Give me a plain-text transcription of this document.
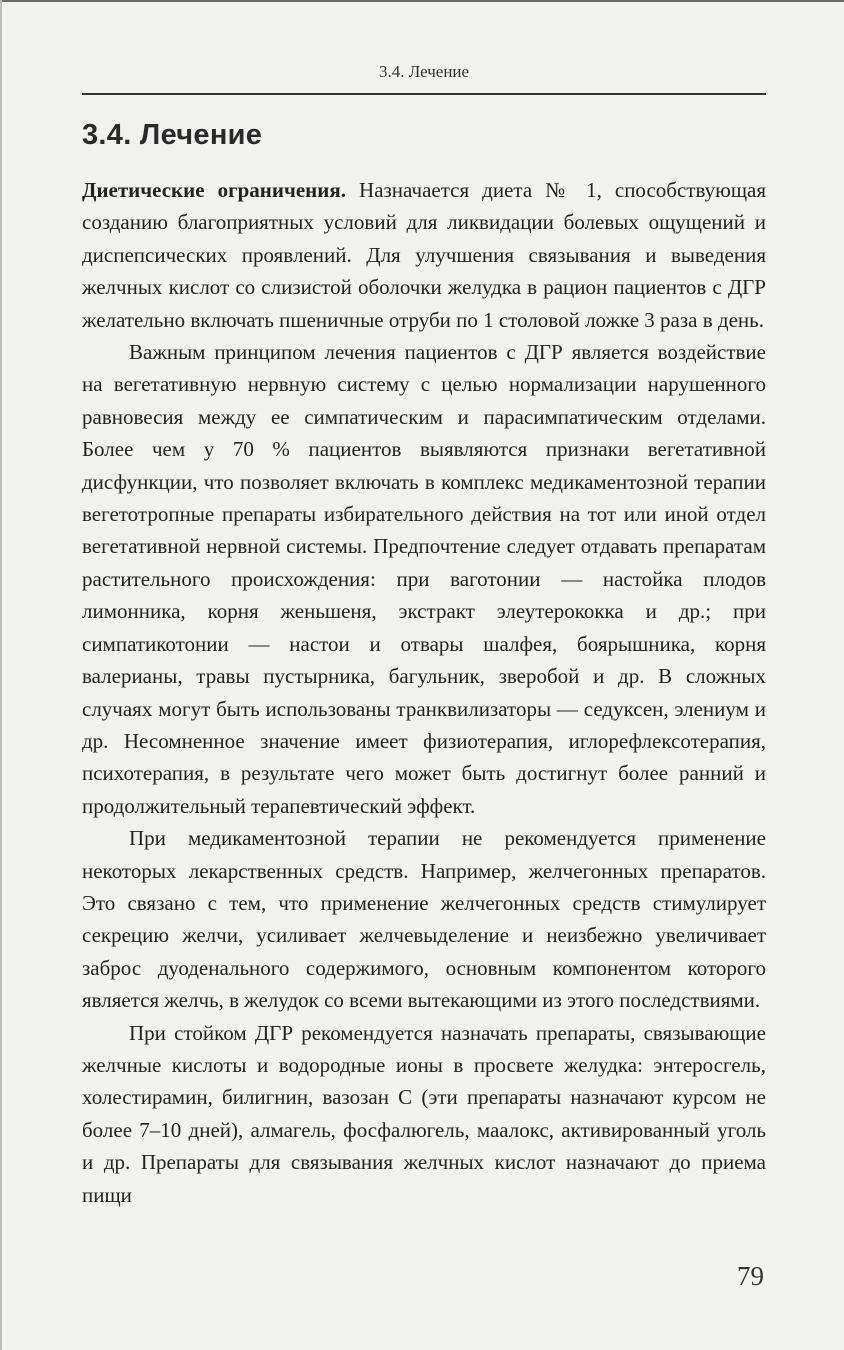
3.4. Лечение
3.4. Лечение

Диетические ограничения. Назначается диета № 1, способствующая созданию благоприятных условий для ликвидации болевых ощущений и диспепсических проявлений. Для улучшения связывания и выведения желчных кислот со слизистой оболочки желудка в рацион пациентов с ДГР желательно включать пшеничные отруби по 1 столовой ложке 3 раза в день.

Важным принципом лечения пациентов с ДГР является воздействие на вегетативную нервную систему с целью нормализации нарушенного равновесия между ее симпатическим и парасимпатическим отделами. Более чем у 70 % пациентов выявляются признаки вегетативной дисфункции, что позволяет включать в комплекс медикаментозной терапии вегетотропные препараты избирательного действия на тот или иной отдел вегетативной нервной системы. Предпочтение следует отдавать препаратам растительного происхождения: при ваготонии — настойка плодов лимонника, корня женьшеня, экстракт элеутерококка и др.; при симпатикотонии — настои и отвары шалфея, боярышника, корня валерианы, травы пустырника, багульник, зверобой и др. В сложных случаях могут быть использованы транквилизаторы — седуксен, элениум и др. Несомненное значение имеет физиотерапия, иглорефлексотерапия, психотерапия, в результате чего может быть достигнут более ранний и продолжительный терапевтический эффект.

При медикаментозной терапии не рекомендуется применение некоторых лекарственных средств. Например, желчегонных препаратов. Это связано с тем, что применение желчегонных средств стимулирует секрецию желчи, усиливает желчевыделение и неизбежно увеличивает заброс дуоденального содержимого, основным компонентом которого является желчь, в желудок со всеми вытекающими из этого последствиями.

При стойком ДГР рекомендуется назначать препараты, связывающие желчные кислоты и водородные ионы в просвете желудка: энтеросгель, холестирамин, билигнин, вазозан С (эти препараты назначают курсом не более 7–10 дней), алмагель, фосфалюгель, маалокс, активированный уголь и др. Препараты для связывания желчных кислот назначают до приема пищи

79
